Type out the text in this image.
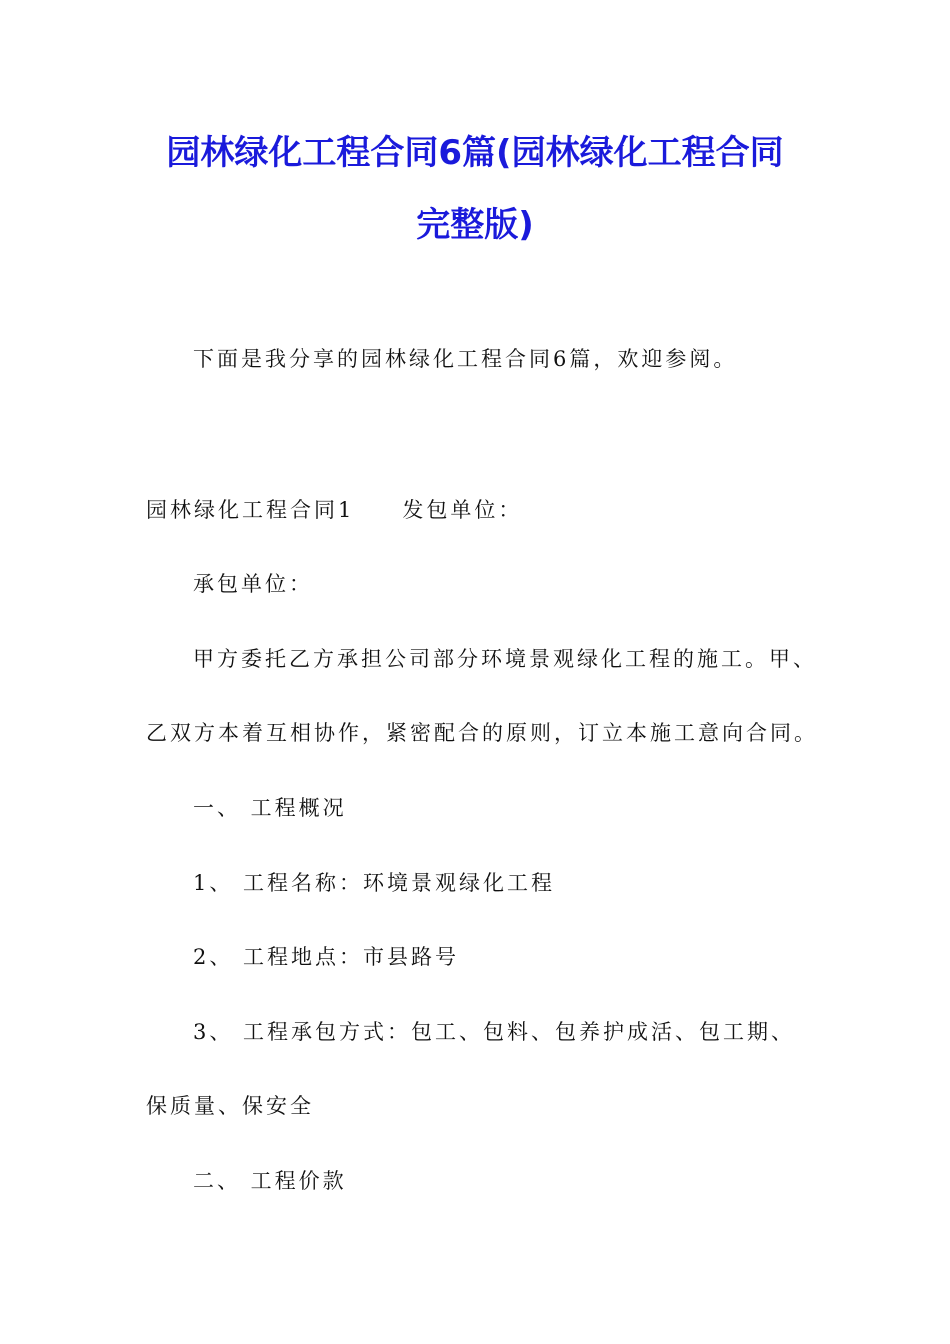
园林绿化工程合同6篇(园林绿化工程合同
完整版)

下面是我分享的园林绿化工程合同6篇，欢迎参阅。

园林绿化工程合同1 发包单位：

承包单位：

甲方委托乙方承担公司部分环境景观绿化工程的施工。甲、

乙双方本着互相协作，紧密配合的原则，订立本施工意向合同。

一、 工程概况

1、 工程名称：环境景观绿化工程

2、 工程地点：市县路号

3、 工程承包方式：包工、包料、包养护成活、包工期、

保质量、保安全

二、 工程价款
